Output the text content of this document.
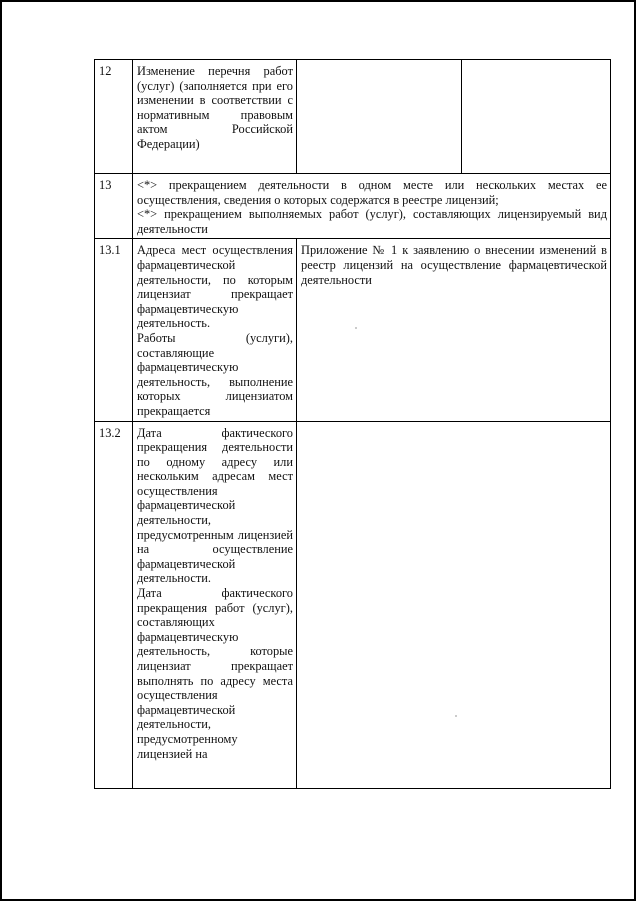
12	Изменение перечня работ (услуг) (заполняется при его изменении в соответствии с нормативным правовым актом Российской Федерации)		
13	<*> прекращением деятельности в одном месте или нескольких местах ее осуществления, сведения о которых содержатся в реестре лицензий;
<*> прекращением выполняемых работ (услуг), составляющих лицензируемый вид деятельности		

13.1	Адреса мест осуществления фармацевтической деятельности, по которым лицензиат прекращает фармацевтическую деятельность.
Работы (услуги), составляющие фармацевтическую деятельность, выполнение которых лицензиатом прекращается	Приложение № 1 к заявлению о внесении изменений в реестр лицензий на осуществление фармацевтической деятельности	
13.2	Дата фактического прекращения деятельности по одному адресу или нескольким адресам мест осуществления фармацевтической деятельности, предусмотренным лицензией на осуществление фармацевтической деятельности.
Дата фактического прекращения работ (услуг), составляющих фармацевтическую деятельность, которые лицензиат прекращает выполнять по адресу места осуществления фармацевтической деятельности, предусмотренному лицензией на		
